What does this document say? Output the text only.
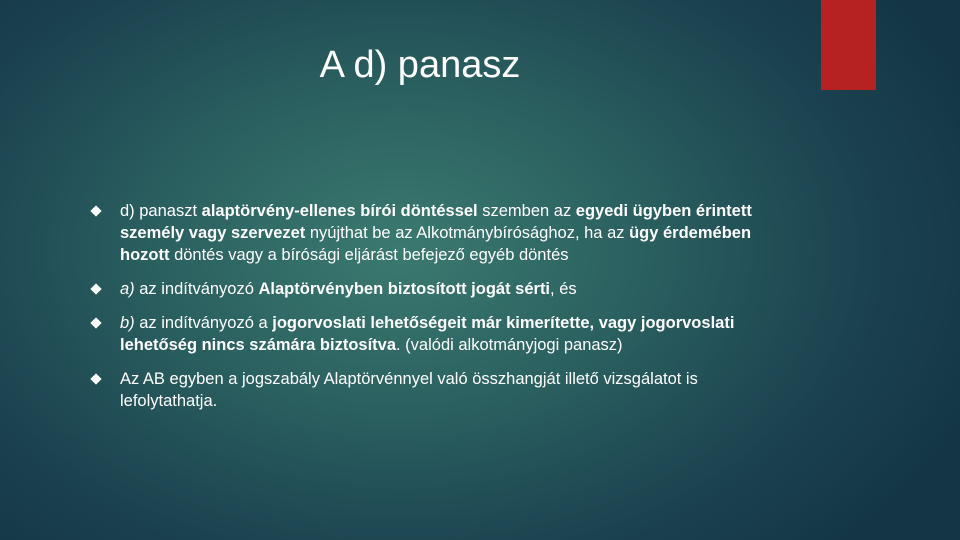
A d) panasz
d) panaszt alaptörvény-ellenes bírói döntéssel szemben az egyedi ügyben érintett személy vagy szervezet nyújthat be az Alkotmánybírósághoz, ha az ügy érdemében hozott döntés vagy a bírósági eljárást befejező egyéb döntés
a) az indítványozó Alaptörvényben biztosított jogát sérti, és
b) az indítványozó a jogorvoslati lehetőségeit már kimerítette, vagy jogorvoslati lehetőség nincs számára biztosítva. (valódi alkotmányjogi panasz)
Az AB egyben a jogszabály Alaptörvénnyel való összhangját illető vizsgálatot is lefolytathatja.
